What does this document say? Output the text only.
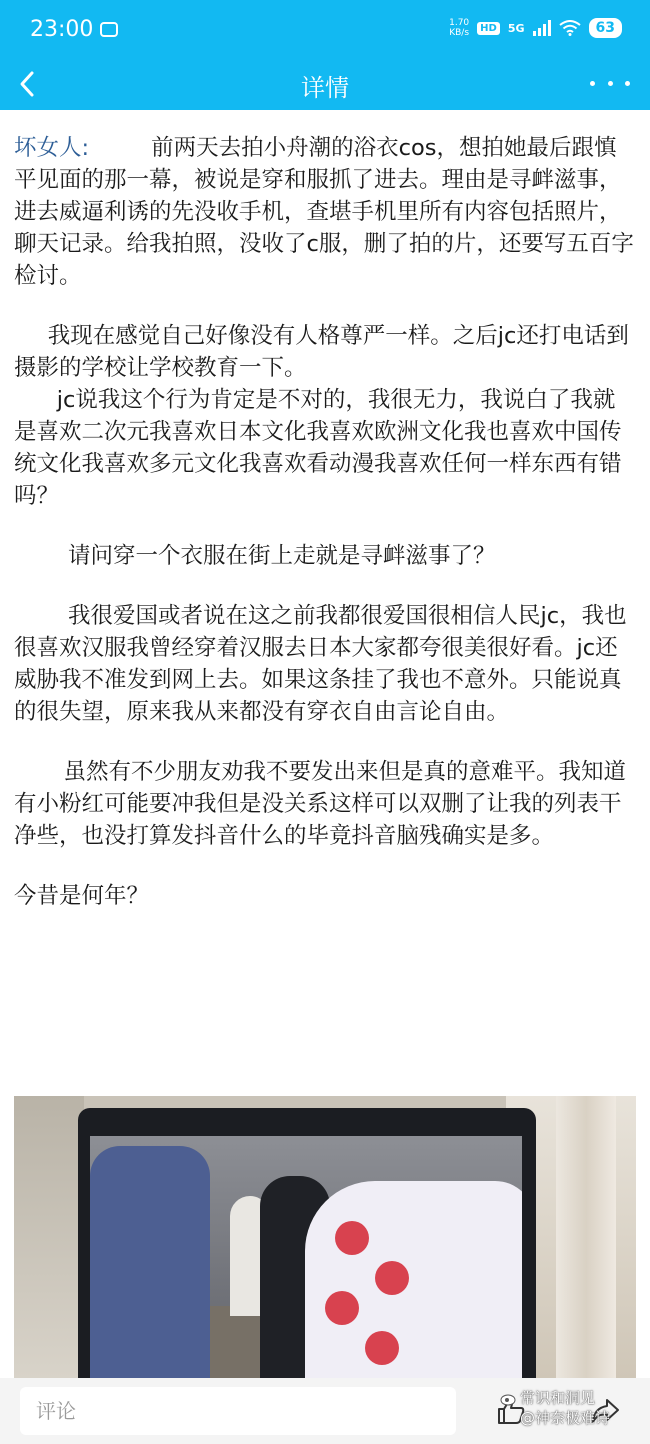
23:00	1.70
KB/s	HD 5G	63
详情

坏女人:	前两天去拍小舟潮的浴衣cos，想拍她最后跟慎平见面的那一幕，被说是穿和服抓了进去。理由是寻衅滋事，进去威逼利诱的先没收手机，查堪手机里所有内容包括照片，聊天记录。给我拍照，没收了c服，删了拍的片，还要写五百字检讨。

我现在感觉自己好像没有人格尊严一样。之后jc还打电话到摄影的学校让学校教育一下。

jc说我这个行为肯定是不对的，我很无力，我说白了我就是喜欢二次元我喜欢日本文化我喜欢欧洲文化我也喜欢中国传统文化我喜欢多元文化我喜欢看动漫我喜欢任何一样东西有错吗？

请问穿一个衣服在街上走就是寻衅滋事了？

我很爱国或者说在这之前我都很爱国很相信人民jc，我也很喜欢汉服我曾经穿着汉服去日本大家都夸很美很好看。jc还威胁我不准发到网上去。如果这条挂了我也不意外。只能说真的很失望，原来我从来都没有穿衣自由言论自由。

虽然有不少朋友劝我不要发出来但是真的意难平。我知道有小粉红可能要冲我但是没关系这样可以双删了让我的列表干净些，也没打算发抖音什么的毕竟抖音脑残确实是多。

今昔是何年？

评论
常识和洞见
@神奈极难诗
